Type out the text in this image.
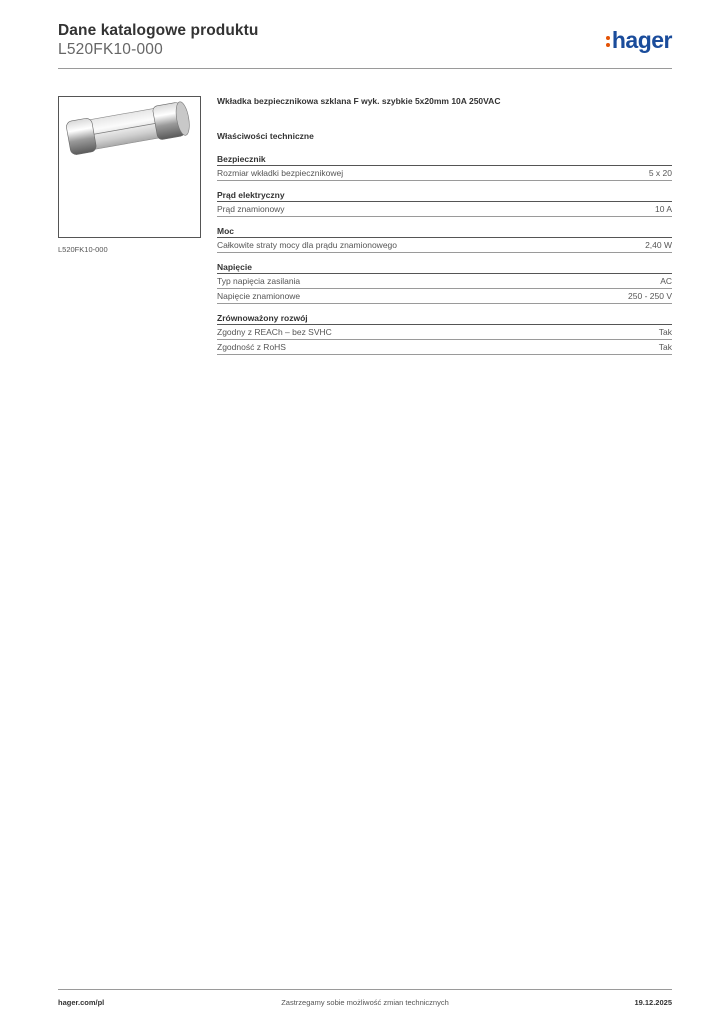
Dane katalogowe produktu
L520FK10-000	hager
L520FK10-000
Wkładka bezpiecznikowa szklana F wyk. szybkie 5x20mm 10A 250VAC
Właściwości techniczne
Bezpiecznik
Rozmiar wkładki bezpiecznikowej	5 x 20
Prąd elektryczny
Prąd znamionowy	10 A
Moc
Całkowite straty mocy dla prądu znamionowego	2,40 W
Napięcie
Typ napięcia zasilania	AC
Napięcie znamionowe	250 - 250 V
Zrównoważony rozwój
Zgodny z REACh – bez SVHC	Tak
Zgodność z RoHS	Tak
hager.com/pl	Zastrzegamy sobie możliwość zmian technicznych	19.12.2025
